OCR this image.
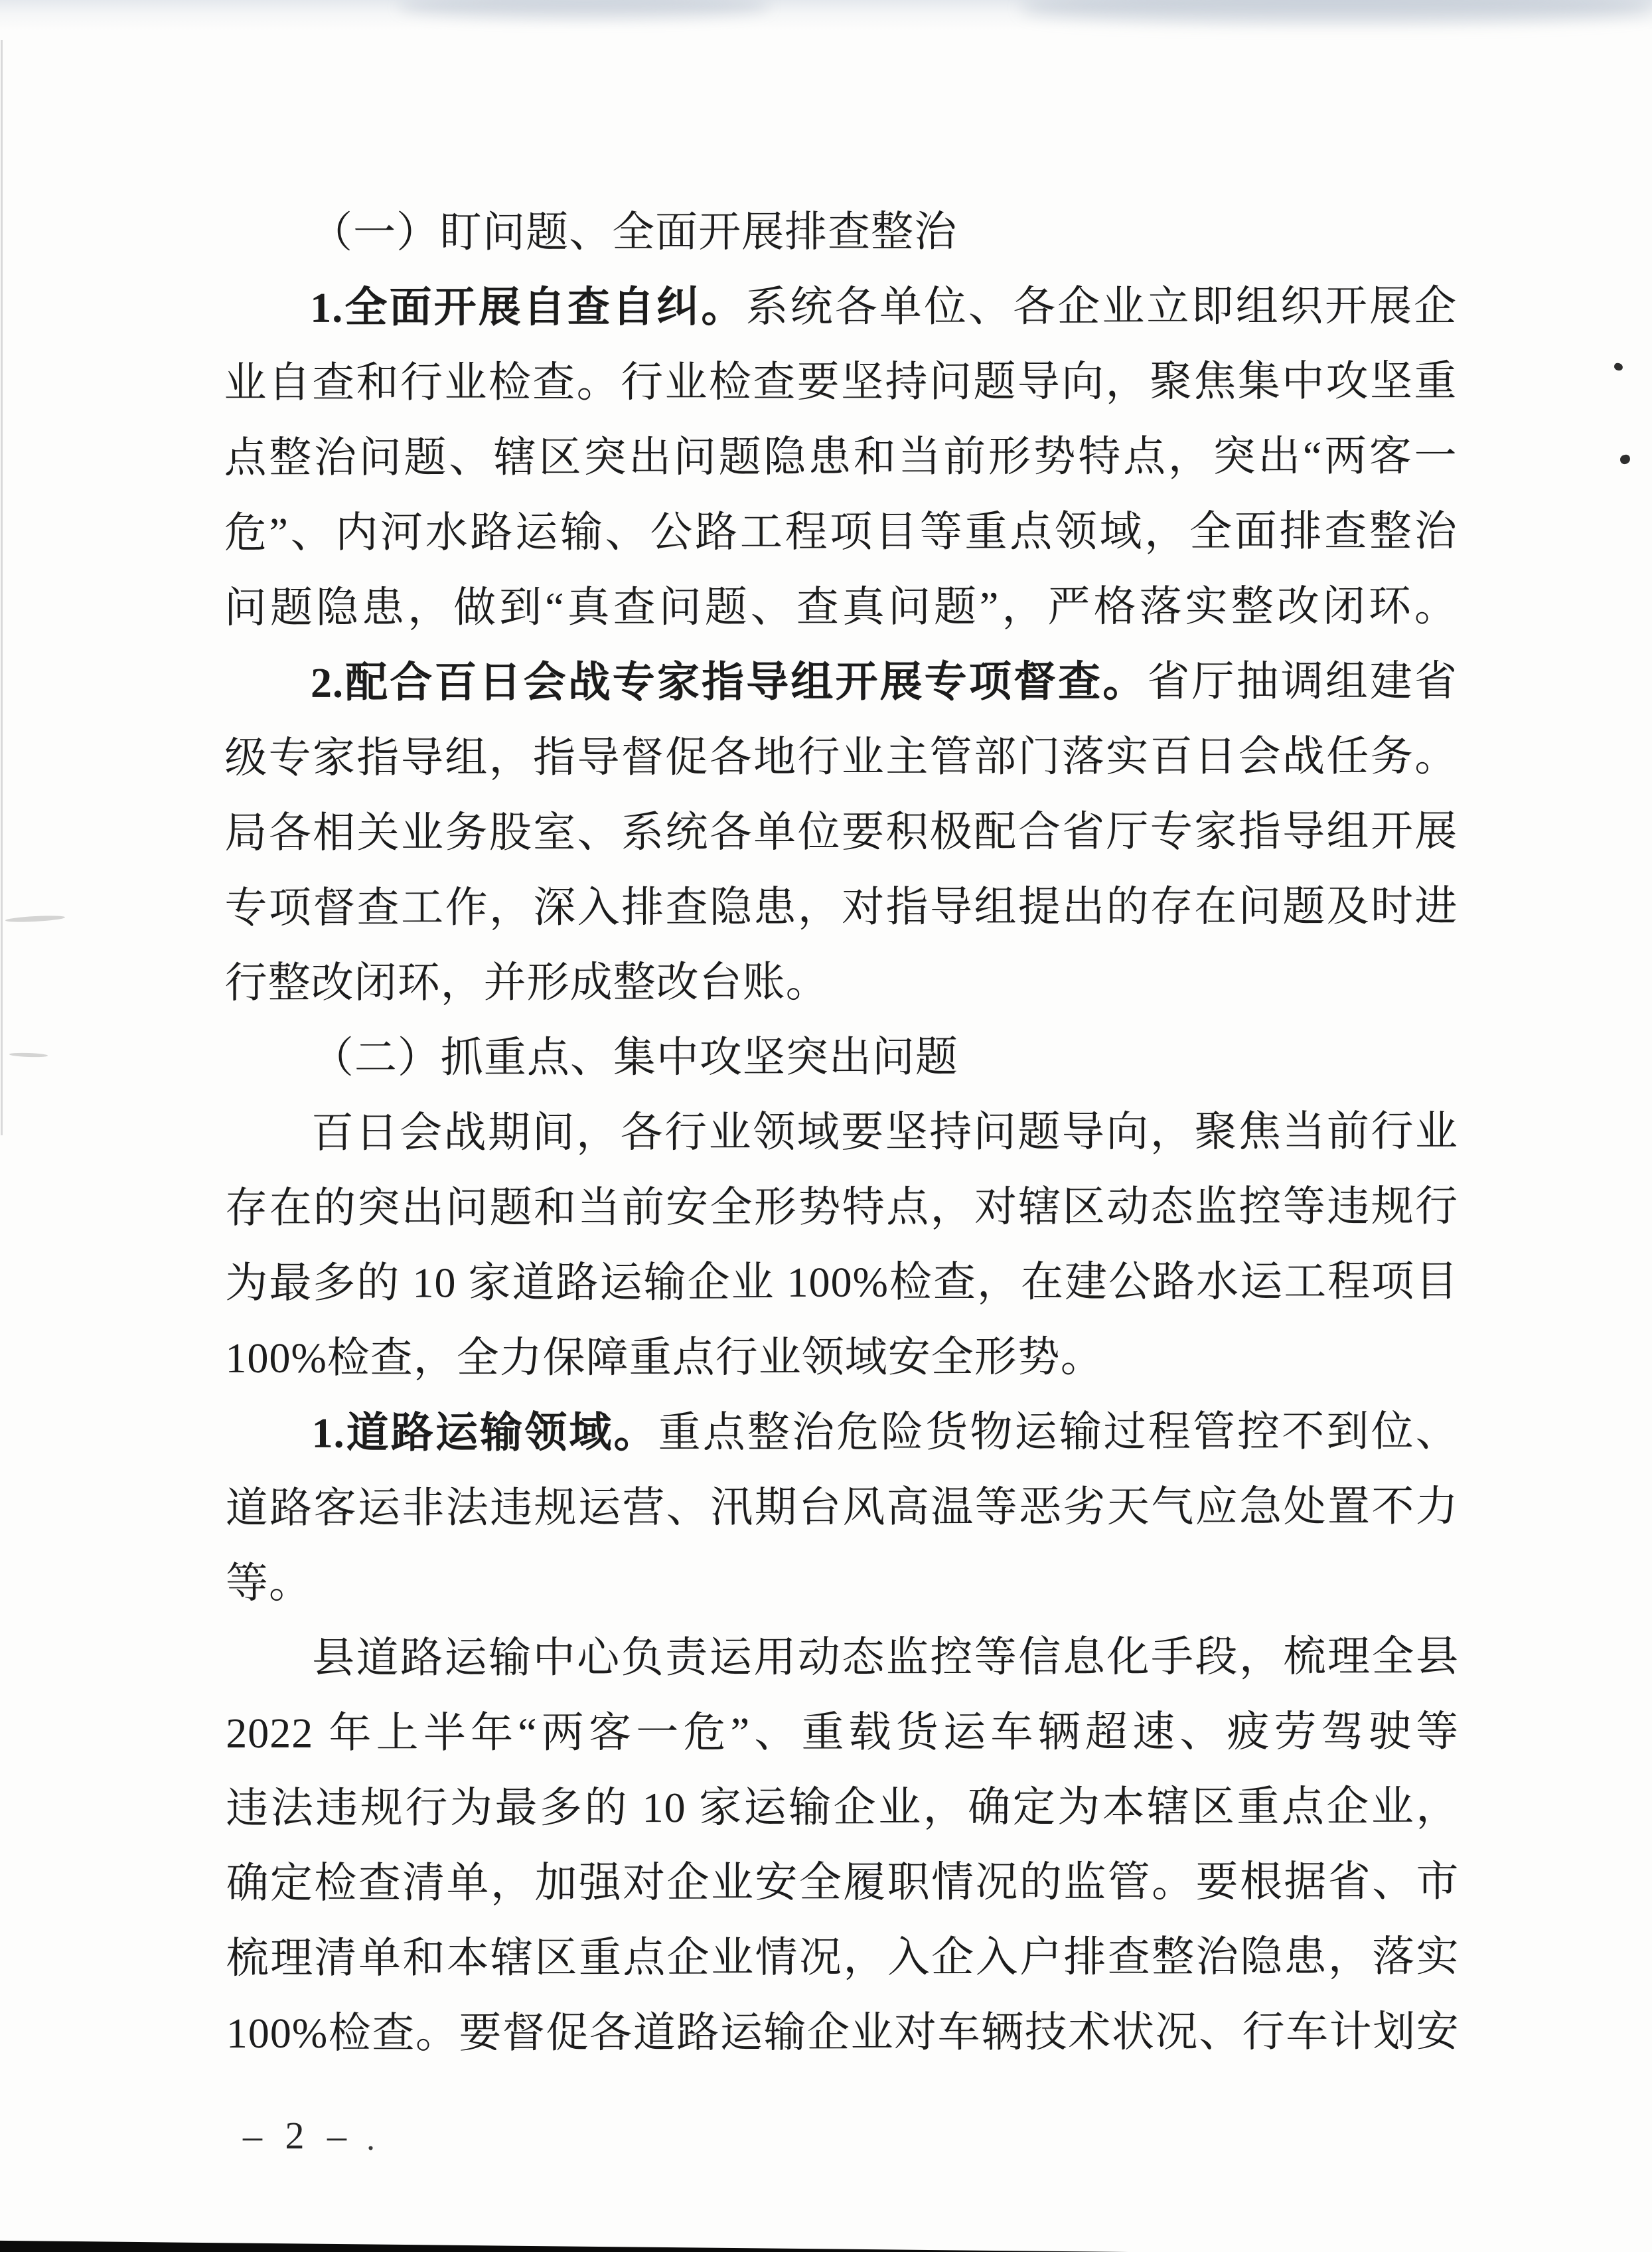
（一）盯问题、全面开展排查整治
1.全面开展自查自纠。系统各单位、各企业立即组织开展企
业自查和行业检查。行业检查要坚持问题导向，聚焦集中攻坚重
点整治问题、辖区突出问题隐患和当前形势特点，突出“两客一
危”、内河水路运输、公路工程项目等重点领域，全面排查整治
问题隐患，做到“真查问题、查真问题”，严格落实整改闭环。
2.配合百日会战专家指导组开展专项督查。省厅抽调组建省
级专家指导组，指导督促各地行业主管部门落实百日会战任务。
局各相关业务股室、系统各单位要积极配合省厅专家指导组开展
专项督查工作，深入排查隐患，对指导组提出的存在问题及时进
行整改闭环，并形成整改台账。
（二）抓重点、集中攻坚突出问题
百日会战期间，各行业领域要坚持问题导向，聚焦当前行业
存在的突出问题和当前安全形势特点，对辖区动态监控等违规行
为最多的 10 家道路运输企业 100%检查，在建公路水运工程项目
100%检查，全力保障重点行业领域安全形势。
1.道路运输领域。重点整治危险货物运输过程管控不到位、
道路客运非法违规运营、汛期台风高温等恶劣天气应急处置不力
等。
县道路运输中心负责运用动态监控等信息化手段，梳理全县
2022 年上半年“两客一危”、重载货运车辆超速、疲劳驾驶等
违法违规行为最多的 10 家运输企业，确定为本辖区重点企业，
确定检查清单，加强对企业安全履职情况的监管。要根据省、市
梳理清单和本辖区重点企业情况，入企入户排查整治隐患，落实
100%检查。要督促各道路运输企业对车辆技术状况、行车计划安
– 2 – .
